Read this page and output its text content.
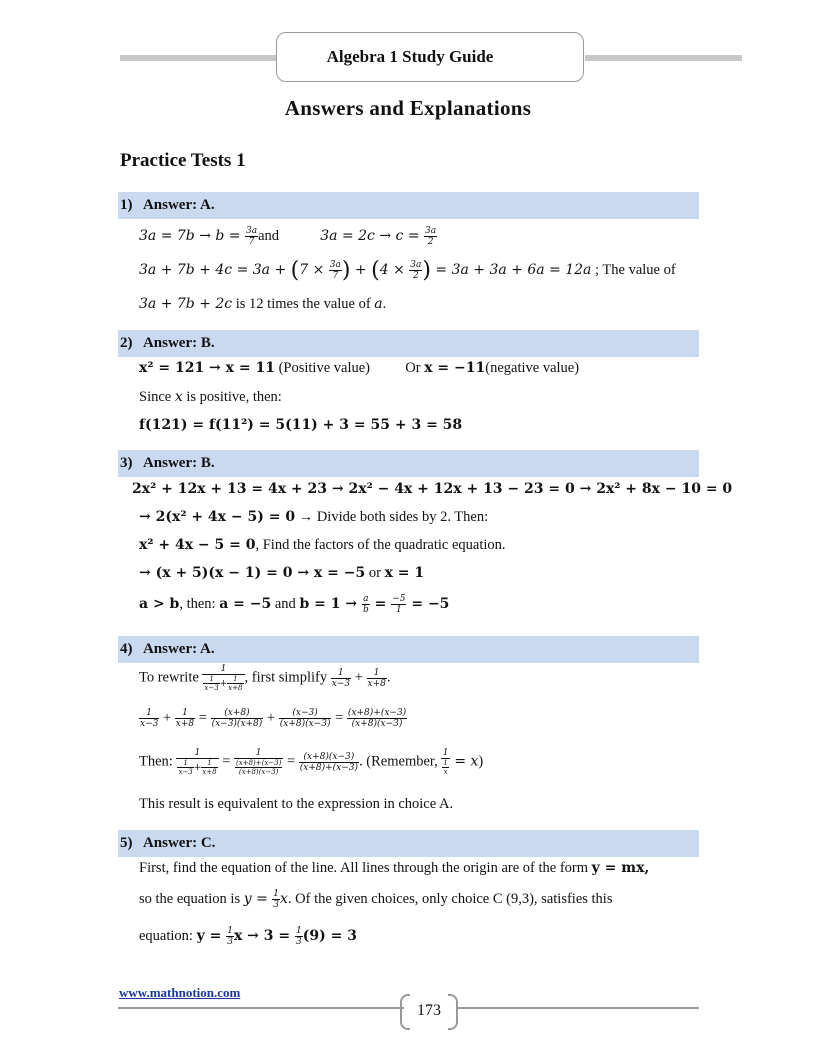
Algebra 1 Study Guide
Answers and Explanations
Practice Tests 1
1) Answer: A.
$3a = 7b \to b = \frac{3a}{7}$ and	$3a = 2c \to c = \frac{3a}{2}$
$3a + 7b + 4c = 3a + (7 \times \frac{3a}{7}$ ) + ($4 \times \frac{3a}{2}$ ) = 3a + 3a + 6a = 12a ; The value of
3a + 7b + 2c is 12 times the value of a.
2) Answer: B.
x² = 121 → x = 11 (Positive value) Or x = −11(negative value)
Since x is positive, then:
f(121) = f(11²) = 5(11) + 3 = 55 + 3 = 58
3) Answer: B.
2x² + 12x + 13 = 4x + 23 → 2x² − 4x + 12x + 13 − 23 = 0 → 2x² + 8x − 10 = 0
→ 2(x² + 4x − 5) = 0 → Divide both sides by 2. Then:
x² + 4x − 5 = 0, Find the factors of the quadratic equation.
→ (x + 5)(x − 1) = 0 → x = −5 or x = 1
a > b, then: a = −5 and $b = 1 \to \frac{a}{b} = \frac{-5}{1} = -5$
4) Answer: A.
To rewrite $\frac{1}{\frac{1}{x-3} + \frac{1}{x+8}}$ , first simplify $\frac{1}{x-3} + \frac{1}{x+8}$ .
$\frac{1}{x-3} + \frac{1}{x+8} = \frac{(x+8)}{(x-3)(x+8)} + \frac{(x-3)}{(x+8)(x-3)} = \frac{(x+8)+(x-3)}{(x+8)(x-3)}$
Then: $\frac{1}{\frac{1}{x-3} + \frac{1}{x+8}} = \frac{1}{\frac{(x+8)+(x-3)}{(x+8)(x-3)}} = \frac{(x+8)(x-3)}{(x+8)+(x-3)}$ . (Remember, $\frac{1}{\frac{1}{x}} = x$)
This result is equivalent to the expression in choice A.
5) Answer: C.
First, find the equation of the line. All lines through the origin are of the form y = mx,
so the equation is $y = \frac{1}{3} x$. Of the given choices, only choice C (9,3), satisfies this
equation: $y = \frac{1}{3}$ $x \to 3 = \frac{1}{3} (9) = 3$
www.mathnotion.com
173
